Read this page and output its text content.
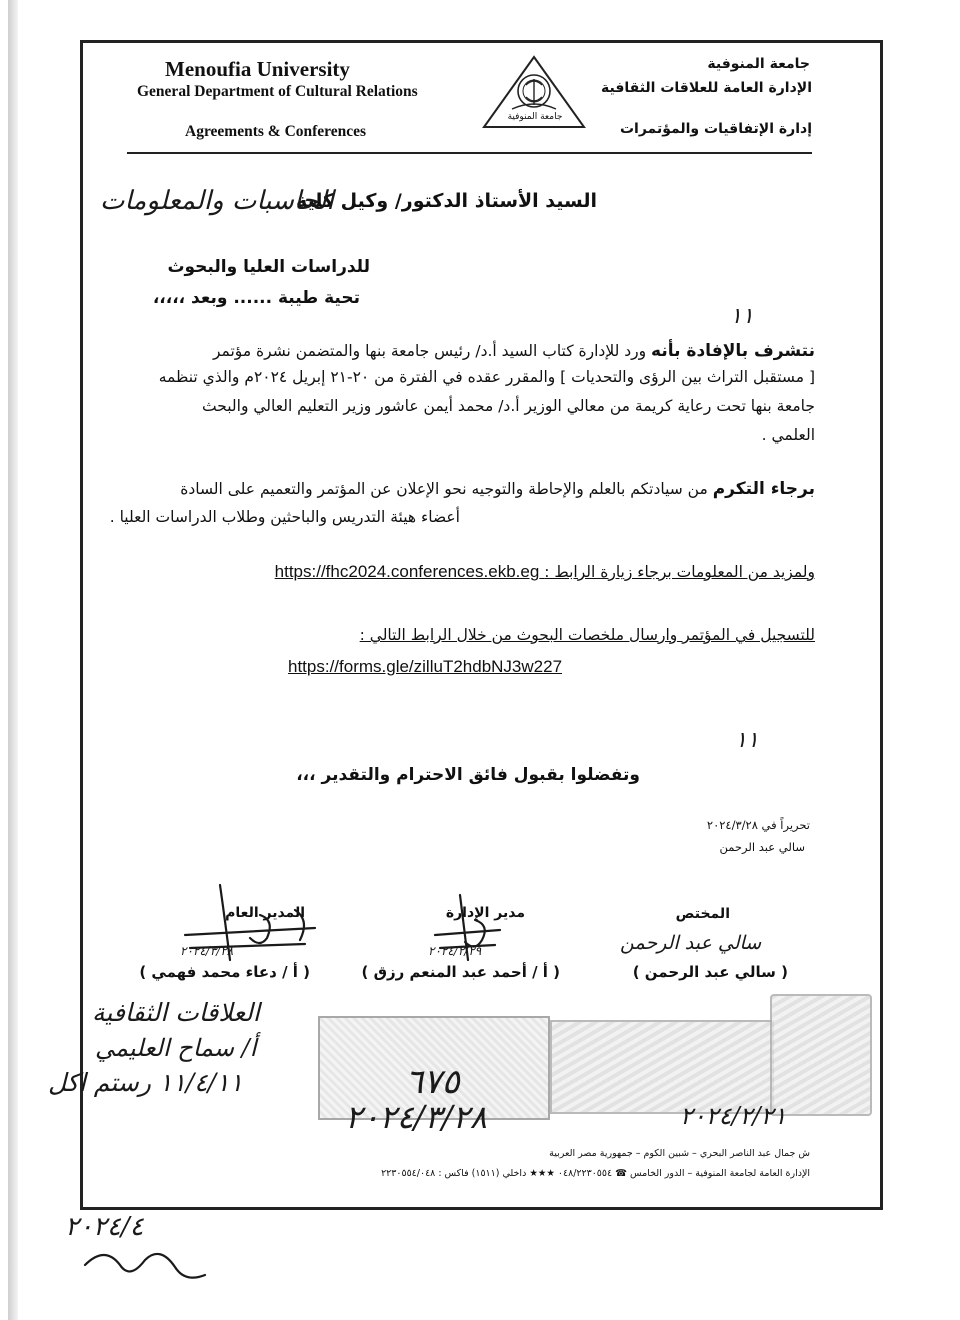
Menoufia University
General Department of Cultural Relations
Agreements & Conferences
جامعة المنوفية
جامعة المنوفية
الإدارة العامة للعلاقات الثقافية
إدارة الإتفاقيات والمؤتمرات
السيد الأستاذ الدكتور/ وكيل كلية
الحاسبات والمعلومات
للدراسات العليا والبحوث
تحية طيبة ...... وبعد ،،،،،
١١
نتشرف بالإفادة بأنه ورد للإدارة كتاب السيد أ.د/ رئيس جامعة بنها والمتضمن نشرة مؤتمر
[ مستقبل التراث بين الرؤى والتحديات ] والمقرر عقده في الفترة من ٢٠-٢١ إبريل ٢٠٢٤م والذي تنظمه
جامعة بنها تحت رعاية كريمة من معالي الوزير أ.د/ محمد أيمن عاشور وزير التعليم العالي والبحث
العلمي .
برجاء التكرم من سيادتكم بالعلم والإحاطة والتوجيه نحو الإعلان عن المؤتمر والتعميم على السادة
أعضاء هيئة التدريس والباحثين وطلاب الدراسات العليا .
ولمزيد من المعلومات برجاء زيارة الرابط : https://fhc2024.conferences.ekb.eg
للتسجيل في المؤتمر وارسال ملخصات البحوث من خلال الرابط التالي :
https://forms.gle/zilluT2hdbNJ3w227
١١
وتفضلوا بقبول فائق الاحترام والتقدير ،،،
تحريراً في ٢٠٢٤/٣/٢٨
سالي عبد الرحمن
المختص
سالي عبد الرحمن
( سالي عبد الرحمن )
مدير الإدارة
٢٠٢٤/٢/٢٩
( أ / أحمد عبد المنعم رزق )
المدير العام
٢٠٢٤/٣/٢٨
( أ / دعاء محمد فهمي )
العلاقات الثقافية
أ/ سماح العليمي
١١/٤/١١ رستم اكل	٦٧٥
٢٠٢٤/٣/٢٨	٢٠٢٤/٢/٢١
ش جمال عبد الناصر البحري – شبين الكوم – جمهورية مصر العربية
الإدارة العامة لجامعة المنوفية – الدور الخامس ☎ ٠٤٨/٢٢٣٠٥٥٤ ★★★ داخلي (١٥١١) فاكس : ٢٢٣٠٥٥٤/٠٤٨
٢٠٢٤/٤
